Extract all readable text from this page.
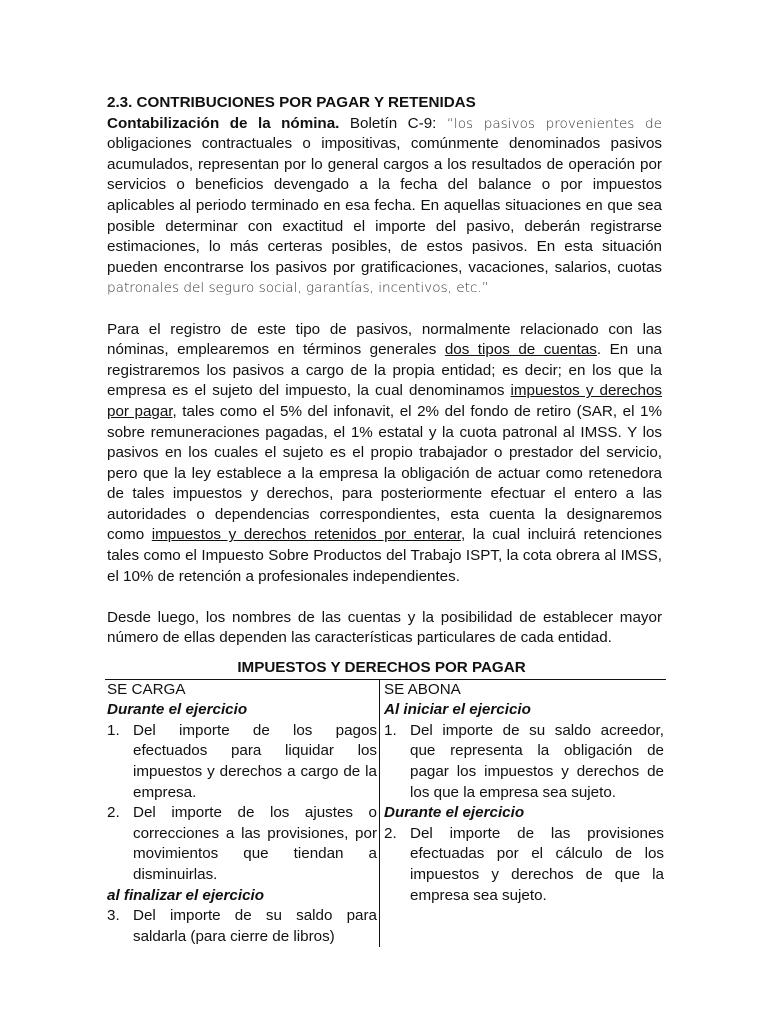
2.3. CONTRIBUCIONES POR PAGAR Y RETENIDAS

Contabilización de la nómina. Boletín C-9: “los pasivos provenientes de obligaciones contractuales o impositivas, comúnmente denominados pasivos acumulados, representan por lo general cargos a los resultados de operación por servicios o beneficios devengado a la fecha del balance o por impuestos aplicables al periodo terminado en esa fecha. En aquellas situaciones en que sea posible determinar con exactitud el importe del pasivo, deberán registrarse estimaciones, lo más certeras posibles, de estos pasivos. En esta situación pueden encontrarse los pasivos por gratificaciones, vacaciones, salarios, cuotas patronales del seguro social, garantías, incentivos, etc.”

Para el registro de este tipo de pasivos, normalmente relacionado con las nóminas, emplearemos en términos generales dos tipos de cuentas. En una registraremos los pasivos a cargo de la propia entidad; es decir; en los que la empresa es el sujeto del impuesto, la cual denominamos impuestos y derechos por pagar, tales como el 5% del infonavit, el 2% del fondo de retiro (SAR, el 1% sobre remuneraciones pagadas, el 1% estatal y la cuota patronal al IMSS. Y los pasivos en los cuales el sujeto es el propio trabajador o prestador del servicio, pero que la ley establece a la empresa la obligación de actuar como retenedora de tales impuestos y derechos, para posteriormente efectuar el entero a las autoridades o dependencias correspondientes, esta cuenta la designaremos como impuestos y derechos retenidos por enterar, la cual incluirá retenciones tales como el Impuesto Sobre Productos del Trabajo ISPT, la cota obrera al IMSS, el 10% de retención a profesionales independientes.

Desde luego, los nombres de las cuentas y la posibilidad de establecer mayor número de ellas dependen las características particulares de cada entidad.

IMPUESTOS Y DERECHOS POR PAGAR
SE CARGA
Durante el ejercicio
1. Del importe de los pagos efectuados para liquidar los impuestos y derechos a cargo de la empresa.
2. Del importe de los ajustes o correcciones a las provisiones, por movimientos que tiendan a disminuirlas.
al finalizar el ejercicio
3. Del importe de su saldo para saldarla (para cierre de libros)

SE ABONA
Al iniciar el ejercicio
1. Del importe de su saldo acreedor, que representa la obligación de pagar los impuestos y derechos de los que la empresa sea sujeto.
Durante el ejercicio
2. Del importe de las provisiones efectuadas por el cálculo de los impuestos y derechos de que la empresa sea sujeto.
